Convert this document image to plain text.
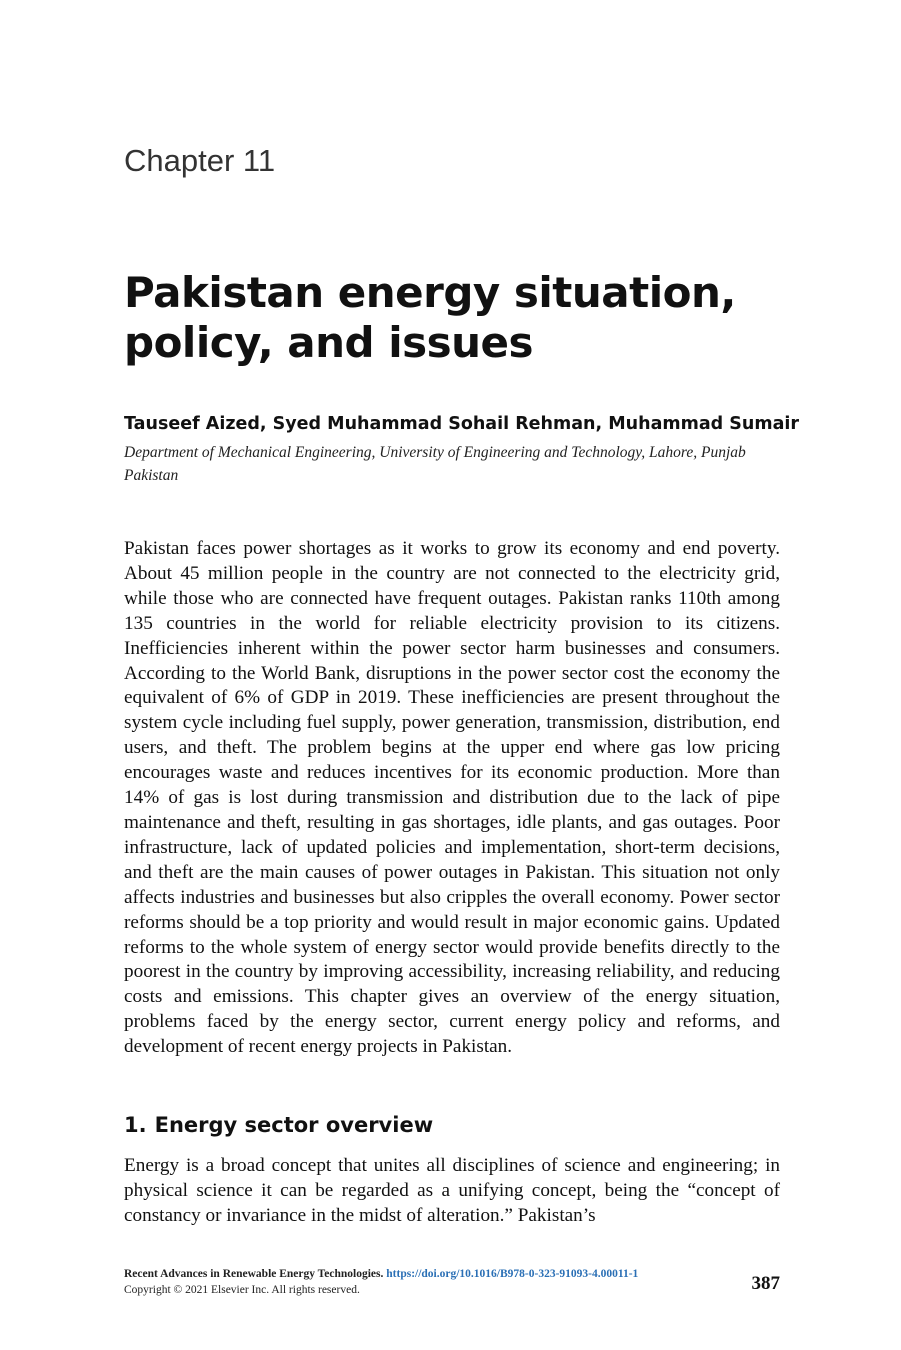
Chapter 11

Pakistan energy situation,
policy, and issues

Tauseef Aized, Syed Muhammad Sohail Rehman, Muhammad Sumair

Department of Mechanical Engineering, University of Engineering and Technology, Lahore, Punjab Pakistan

Pakistan faces power shortages as it works to grow its economy and end poverty. About 45 million people in the country are not connected to the electricity grid, while those who are connected have frequent outages. Pakistan ranks 110th among 135 countries in the world for reliable electricity provision to its citizens. Inefficiencies inherent within the power sector harm businesses and consumers. According to the World Bank, disruptions in the power sector cost the economy the equivalent of 6% of GDP in 2019. These inefficiencies are present throughout the system cycle including fuel supply, power generation, transmission, distribution, end users, and theft. The problem begins at the upper end where gas low pricing encourages waste and reduces incentives for its economic production. More than 14% of gas is lost during transmission and distribution due to the lack of pipe maintenance and theft, resulting in gas shortages, idle plants, and gas outages. Poor infrastructure, lack of updated policies and implementation, short-term decisions, and theft are the main causes of power outages in Pakistan. This situation not only affects industries and businesses but also cripples the overall economy. Power sector reforms should be a top priority and would result in major economic gains. Updated reforms to the whole system of energy sector would provide benefits directly to the poorest in the country by improving accessibility, increasing reliability, and reducing costs and emissions. This chapter gives an overview of the energy situation, problems faced by the energy sector, current energy policy and reforms, and development of recent energy projects in Pakistan.

1. Energy sector overview

Energy is a broad concept that unites all disciplines of science and engineering; in physical science it can be regarded as a unifying concept, being the “concept of constancy or invariance in the midst of alteration.” Pakistan’s

Recent Advances in Renewable Energy Technologies. https://doi.org/10.1016/B978-0-323-91093-4.00011-1
Copyright © 2021 Elsevier Inc. All rights reserved.	387
